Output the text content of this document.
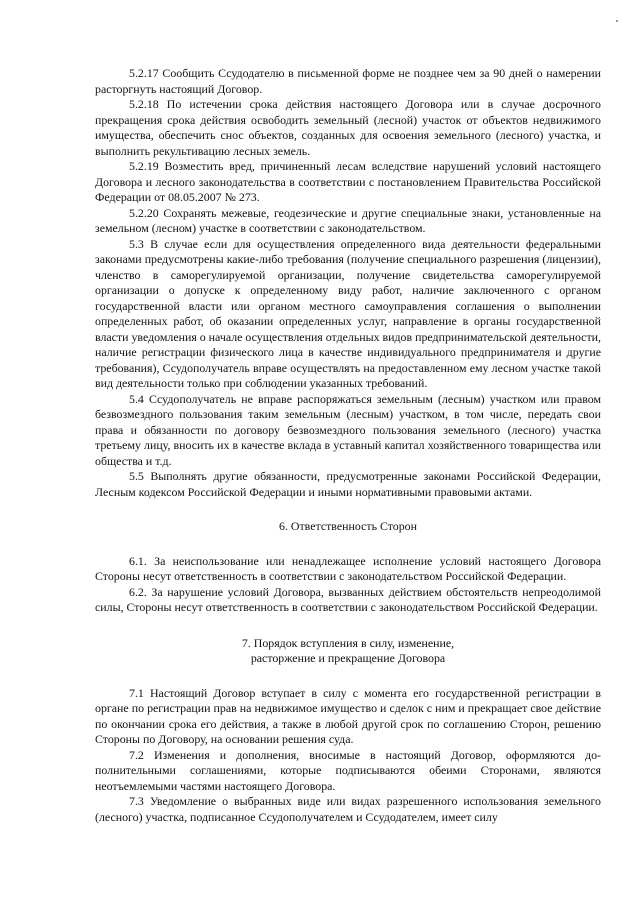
5.2.17 Сообщить Ссудодателю в письменной форме не позднее чем за 90 дней о намерении расторгнуть настоящий Договор.

5.2.18 По истечении срока действия настоящего Договора или в случае досрочного прекращения срока действия освободить земельный (лесной) участок от объектов недвижимого имущества, обеспечить снос объектов, созданных для освоения земельного (лесного) участка, и выполнить рекультивацию лесных земель.

5.2.19 Возместить вред, причиненный лесам вследствие нарушений условий настоящего Договора и лесного законодательства в соответствии с постановлением Правительства Российской Федерации от 08.05.2007 № 273.

5.2.20 Сохранять межевые, геодезические и другие специальные знаки, установленные на земельном (лесном) участке в соответствии с законодательством.

5.3 В случае если для осуществления определенного вида деятельности федеральными законами предусмотрены какие-либо требования (получение специального разрешения (лицензии), членство в саморегулируемой организации, получение свидетельства саморегулируемой организации о допуске к определенному виду работ, наличие заключенного с органом государственной власти или органом местного самоуправления соглашения о выполнении определенных работ, об оказании определенных услуг, направление в органы государственной власти уведомления о начале осуществления отдельных видов предпринимательской деятельности, наличие регистрации физического лица в качестве индивидуального предпринимателя и другие требования), Ссудополучатель вправе осуществлять на предоставленном ему лесном участке такой вид деятельности только при соблюдении указанных требований.

5.4 Ссудополучатель не вправе распоряжаться земельным (лесным) участком или правом безвозмездного пользования таким земельным (лесным) участком, в том числе, передать свои права и обязанности по договору безвозмездного пользования земельного (лесного) участка третьему лицу, вносить их в качестве вклада в уставный капитал хозяйственного товарищества или общества и т.д.

5.5 Выполнять другие обязанности, предусмотренные законами Российской Федерации, Лесным кодексом Российской Федерации и иными нормативными правовыми актами.

6. Ответственность Сторон

6.1. За неиспользование или ненадлежащее исполнение условий настоящего Договора Стороны несут ответственность в соответствии с законодательством Российской Федерации.

6.2. За нарушение условий Договора, вызванных действием обстоятельств непреодолимой силы, Стороны несут ответственность в соответствии с законодательством Российской Федерации.

7. Порядок вступления в силу, изменение,
расторжение и прекращение Договора

7.1 Настоящий Договор вступает в силу с момента его государственной регистрации в органе по регистрации прав на недвижимое имущество и сделок с ним и прекращает свое действие по окончании срока его действия, а также в любой другой срок по соглашению Сторон, решению Стороны по Договору, на основании решения суда.

7.2 Изменения и дополнения, вносимые в настоящий Договор, оформляются дополнительными соглашениями, которые подписываются обеими Сторонами, являются неотъемлемыми частями настоящего Договора.

7.3 Уведомление о выбранных виде или видах разрешенного использования земельного (лесного) участка, подписанное Ссудополучателем и Ссудодателем, имеет силу
